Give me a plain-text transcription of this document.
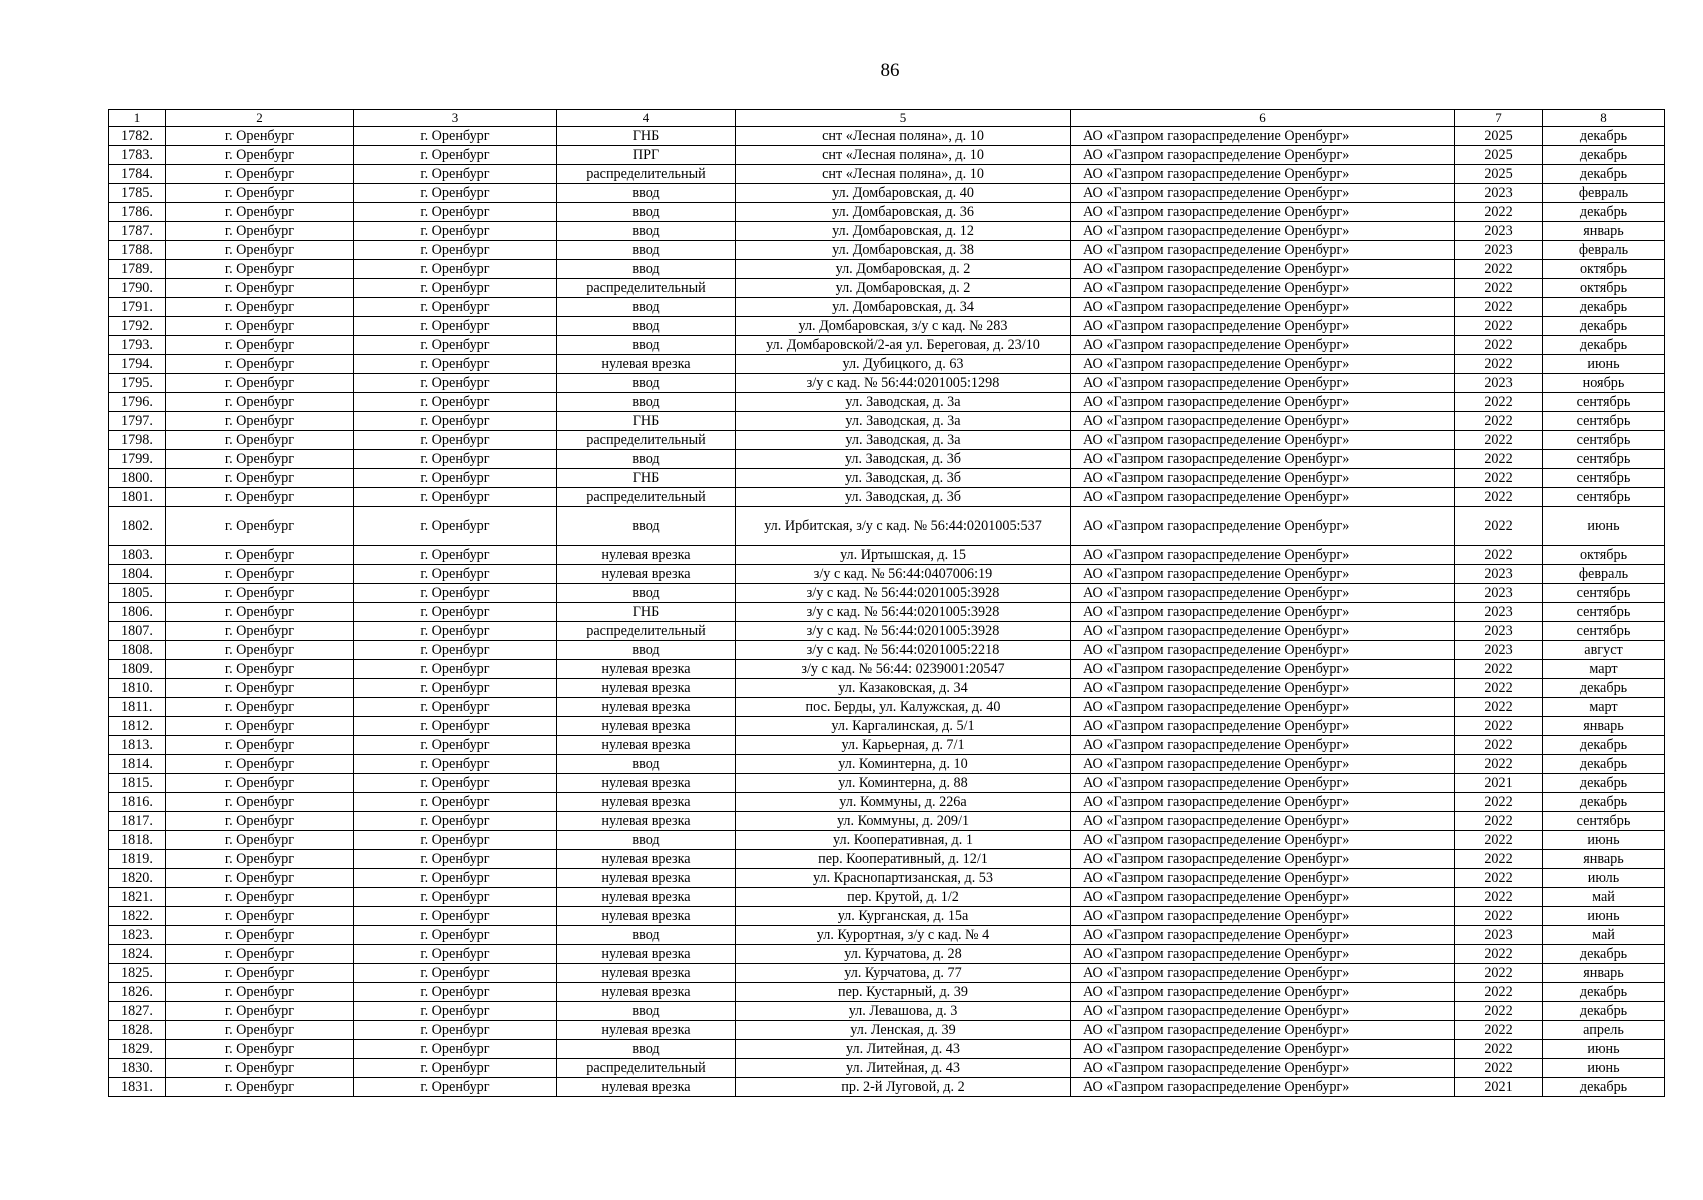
86
1	2	3	4	5	6	7	8
1782.	г. Оренбург	г. Оренбург	ГНБ	снт «Лесная поляна», д. 10	АО «Газпром газораспределение Оренбург»	2025	декабрь
1783.	г. Оренбург	г. Оренбург	ПРГ	снт «Лесная поляна», д. 10	АО «Газпром газораспределение Оренбург»	2025	декабрь
1784.	г. Оренбург	г. Оренбург	распределительный	снт «Лесная поляна», д. 10	АО «Газпром газораспределение Оренбург»	2025	декабрь
1785.	г. Оренбург	г. Оренбург	ввод	ул. Домбаровская, д. 40	АО «Газпром газораспределение Оренбург»	2023	февраль
1786.	г. Оренбург	г. Оренбург	ввод	ул. Домбаровская, д. 36	АО «Газпром газораспределение Оренбург»	2022	декабрь
1787.	г. Оренбург	г. Оренбург	ввод	ул. Домбаровская, д. 12	АО «Газпром газораспределение Оренбург»	2023	январь
1788.	г. Оренбург	г. Оренбург	ввод	ул. Домбаровская, д. 38	АО «Газпром газораспределение Оренбург»	2023	февраль
1789.	г. Оренбург	г. Оренбург	ввод	ул. Домбаровская, д. 2	АО «Газпром газораспределение Оренбург»	2022	октябрь
1790.	г. Оренбург	г. Оренбург	распределительный	ул. Домбаровская, д. 2	АО «Газпром газораспределение Оренбург»	2022	октябрь
1791.	г. Оренбург	г. Оренбург	ввод	ул. Домбаровская, д. 34	АО «Газпром газораспределение Оренбург»	2022	декабрь
1792.	г. Оренбург	г. Оренбург	ввод	ул. Домбаровская, з/у с кад. № 283	АО «Газпром газораспределение Оренбург»	2022	декабрь
1793.	г. Оренбург	г. Оренбург	ввод	ул. Домбаровской/2-ая ул. Береговая, д. 23/10	АО «Газпром газораспределение Оренбург»	2022	декабрь
1794.	г. Оренбург	г. Оренбург	нулевая врезка	ул. Дубицкого, д. 63	АО «Газпром газораспределение Оренбург»	2022	июнь
1795.	г. Оренбург	г. Оренбург	ввод	з/у с кад. № 56:44:0201005:1298	АО «Газпром газораспределение Оренбург»	2023	ноябрь
1796.	г. Оренбург	г. Оренбург	ввод	ул. Заводская, д. 3а	АО «Газпром газораспределение Оренбург»	2022	сентябрь
1797.	г. Оренбург	г. Оренбург	ГНБ	ул. Заводская, д. 3а	АО «Газпром газораспределение Оренбург»	2022	сентябрь
1798.	г. Оренбург	г. Оренбург	распределительный	ул. Заводская, д. 3а	АО «Газпром газораспределение Оренбург»	2022	сентябрь
1799.	г. Оренбург	г. Оренбург	ввод	ул. Заводская, д. 3б	АО «Газпром газораспределение Оренбург»	2022	сентябрь
1800.	г. Оренбург	г. Оренбург	ГНБ	ул. Заводская, д. 3б	АО «Газпром газораспределение Оренбург»	2022	сентябрь
1801.	г. Оренбург	г. Оренбург	распределительный	ул. Заводская, д. 3б	АО «Газпром газораспределение Оренбург»	2022	сентябрь
1802.	г. Оренбург	г. Оренбург	ввод	ул. Ирбитская, з/у с кад. № 56:44:0201005:537	АО «Газпром газораспределение Оренбург»	2022	июнь
1803.	г. Оренбург	г. Оренбург	нулевая врезка	ул. Иртышская, д. 15	АО «Газпром газораспределение Оренбург»	2022	октябрь
1804.	г. Оренбург	г. Оренбург	нулевая врезка	з/у с кад. № 56:44:0407006:19	АО «Газпром газораспределение Оренбург»	2023	февраль
1805.	г. Оренбург	г. Оренбург	ввод	з/у с кад. № 56:44:0201005:3928	АО «Газпром газораспределение Оренбург»	2023	сентябрь
1806.	г. Оренбург	г. Оренбург	ГНБ	з/у с кад. № 56:44:0201005:3928	АО «Газпром газораспределение Оренбург»	2023	сентябрь
1807.	г. Оренбург	г. Оренбург	распределительный	з/у с кад. № 56:44:0201005:3928	АО «Газпром газораспределение Оренбург»	2023	сентябрь
1808.	г. Оренбург	г. Оренбург	ввод	з/у с кад. № 56:44:0201005:2218	АО «Газпром газораспределение Оренбург»	2023	август
1809.	г. Оренбург	г. Оренбург	нулевая врезка	з/у с кад. № 56:44: 0239001:20547	АО «Газпром газораспределение Оренбург»	2022	март
1810.	г. Оренбург	г. Оренбург	нулевая врезка	ул. Казаковская, д. 34	АО «Газпром газораспределение Оренбург»	2022	декабрь
1811.	г. Оренбург	г. Оренбург	нулевая врезка	пос. Берды, ул. Калужская, д. 40	АО «Газпром газораспределение Оренбург»	2022	март
1812.	г. Оренбург	г. Оренбург	нулевая врезка	ул. Каргалинская, д. 5/1	АО «Газпром газораспределение Оренбург»	2022	январь
1813.	г. Оренбург	г. Оренбург	нулевая врезка	ул. Карьерная, д. 7/1	АО «Газпром газораспределение Оренбург»	2022	декабрь
1814.	г. Оренбург	г. Оренбург	ввод	ул. Коминтерна, д. 10	АО «Газпром газораспределение Оренбург»	2022	декабрь
1815.	г. Оренбург	г. Оренбург	нулевая врезка	ул. Коминтерна, д. 88	АО «Газпром газораспределение Оренбург»	2021	декабрь
1816.	г. Оренбург	г. Оренбург	нулевая врезка	ул. Коммуны, д. 226а	АО «Газпром газораспределение Оренбург»	2022	декабрь
1817.	г. Оренбург	г. Оренбург	нулевая врезка	ул. Коммуны, д. 209/1	АО «Газпром газораспределение Оренбург»	2022	сентябрь
1818.	г. Оренбург	г. Оренбург	ввод	ул. Кооперативная, д. 1	АО «Газпром газораспределение Оренбург»	2022	июнь
1819.	г. Оренбург	г. Оренбург	нулевая врезка	пер. Кооперативный, д. 12/1	АО «Газпром газораспределение Оренбург»	2022	январь
1820.	г. Оренбург	г. Оренбург	нулевая врезка	ул. Краснопартизанская, д. 53	АО «Газпром газораспределение Оренбург»	2022	июль
1821.	г. Оренбург	г. Оренбург	нулевая врезка	пер. Крутой, д. 1/2	АО «Газпром газораспределение Оренбург»	2022	май
1822.	г. Оренбург	г. Оренбург	нулевая врезка	ул. Курганская, д. 15а	АО «Газпром газораспределение Оренбург»	2022	июнь
1823.	г. Оренбург	г. Оренбург	ввод	ул. Курортная, з/у с кад. № 4	АО «Газпром газораспределение Оренбург»	2023	май
1824.	г. Оренбург	г. Оренбург	нулевая врезка	ул. Курчатова, д. 28	АО «Газпром газораспределение Оренбург»	2022	декабрь
1825.	г. Оренбург	г. Оренбург	нулевая врезка	ул. Курчатова, д. 77	АО «Газпром газораспределение Оренбург»	2022	январь
1826.	г. Оренбург	г. Оренбург	нулевая врезка	пер. Кустарный, д. 39	АО «Газпром газораспределение Оренбург»	2022	декабрь
1827.	г. Оренбург	г. Оренбург	ввод	ул. Левашова, д. 3	АО «Газпром газораспределение Оренбург»	2022	декабрь
1828.	г. Оренбург	г. Оренбург	нулевая врезка	ул. Ленская, д. 39	АО «Газпром газораспределение Оренбург»	2022	апрель
1829.	г. Оренбург	г. Оренбург	ввод	ул. Литейная, д. 43	АО «Газпром газораспределение Оренбург»	2022	июнь
1830.	г. Оренбург	г. Оренбург	распределительный	ул. Литейная, д. 43	АО «Газпром газораспределение Оренбург»	2022	июнь
1831.	г. Оренбург	г. Оренбург	нулевая врезка	пр. 2-й Луговой, д. 2	АО «Газпром газораспределение Оренбург»	2021	декабрь
